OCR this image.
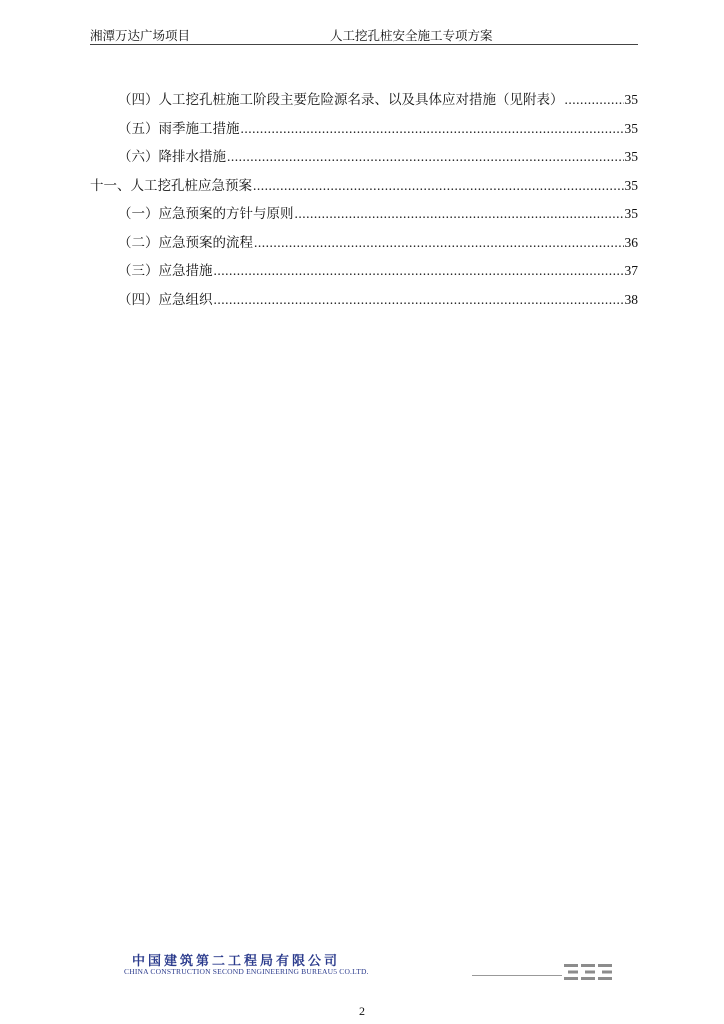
湘潭万达广场项目	人工挖孔桩安全施工专项方案
（四）人工挖孔桩施工阶段主要危险源名录、以及具体应对措施（见附表） .....	35
（五）雨季施工措施 .....	35
（六）降排水措施 .....	35
十一、人工挖孔桩应急预案 .....	35
（一）应急预案的方针与原则 .....	35
（二）应急预案的流程 .....	36
（三）应急措施 .....	37
（四）应急组织 .....	38
中国建筑第二工程局有限公司
CHINA CONSTRUCTION SECOND ENGINEERING BUREAU5 CO.LTD.
2
